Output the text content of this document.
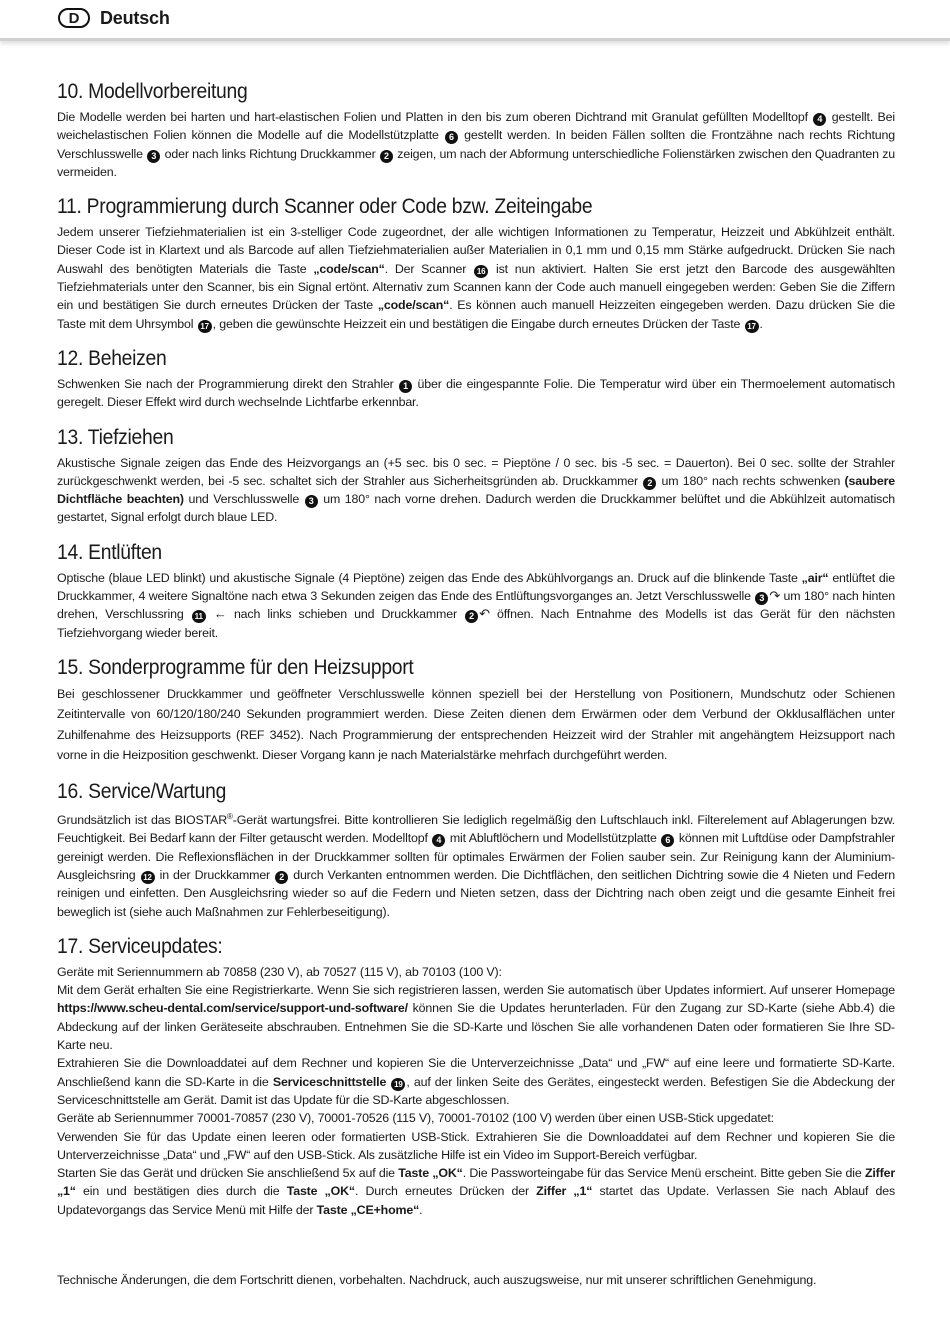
D	Deutsch
10. Modellvorbereitung

Die Modelle werden bei harten und hart-elastischen Folien und Platten in den bis zum oberen Dichtrand mit Granulat gefüllten Modelltopf 4 gestellt. Bei weichelastischen Folien können die Modelle auf die Modellstützplatte 6 gestellt werden. In beiden Fällen sollten die Frontzähne nach rechts Richtung Verschlusswelle 3 oder nach links Richtung Druckkammer 2 zeigen, um nach der Abformung unterschiedliche Folienstärken zwischen den Quadranten zu vermeiden.

11. Programmierung durch Scanner oder Code bzw. Zeiteingabe

Jedem unserer Tiefziehmaterialien ist ein 3-stelliger Code zugeordnet, der alle wichtigen Informationen zu Temperatur, Heizzeit und Abkühlzeit enthält. Dieser Code ist in Klartext und als Barcode auf allen Tiefziehmaterialien außer Materialien in 0,1 mm und 0,15 mm Stärke aufgedruckt. Drücken Sie nach Auswahl des benötigten Materials die Taste „code/scan“. Der Scanner 16 ist nun aktiviert. Halten Sie erst jetzt den Barcode des ausgewählten Tiefziehmaterials unter den Scanner, bis ein Signal ertönt. Alternativ zum Scannen kann der Code auch manuell eingegeben werden: Geben Sie die Ziffern ein und bestätigen Sie durch erneutes Drücken der Taste „code/scan“. Es können auch manuell Heizzeiten eingegeben werden. Dazu drücken Sie die Taste mit dem Uhrsymbol 17 , geben die gewünschte Heizzeit ein und bestätigen die Eingabe durch erneutes Drücken der Taste 17 .

12. Beheizen

Schwenken Sie nach der Programmierung direkt den Strahler 1 über die eingespannte Folie. Die Temperatur wird über ein Thermoelement automatisch geregelt. Dieser Effekt wird durch wechselnde Lichtfarbe erkennbar.

13. Tiefziehen

Akustische Signale zeigen das Ende des Heizvorgangs an (+5 sec. bis 0 sec. = Pieptöne / 0 sec. bis -5 sec. = Dauerton). Bei 0 sec. sollte der Strahler zurückgeschwenkt werden, bei -5 sec. schaltet sich der Strahler aus Sicherheitsgründen ab. Druckkammer 2 um 180° nach rechts schwenken (saubere Dichtfläche beachten) und Verschlusswelle 3 um 180° nach vorne drehen. Dadurch werden die Druckkammer belüftet und die Abkühlzeit automatisch gestartet, Signal erfolgt durch blaue LED.

14. Entlüften

Optische (blaue LED blinkt) und akustische Signale (4 Pieptöne) zeigen das Ende des Abkühlvorgangs an. Druck auf die blinkende Taste „air“ entlüftet die Druckkammer, 4 weitere Signaltöne nach etwa 3 Sekunden zeigen das Ende des Entlüftungsvorganges an. Jetzt Verschlusswelle 3 ↷ um 180° nach hinten drehen, Verschlussring 11 ← nach links schieben und Druckkammer 2 ↶ öffnen. Nach Entnahme des Modells ist das Gerät für den nächsten Tiefziehvorgang wieder bereit.

15. Sonderprogramme für den Heizsupport

Bei geschlossener Druckkammer und geöffneter Verschlusswelle können speziell bei der Herstellung von Positionern, Mundschutz oder Schienen Zeitintervalle von 60/120/180/240 Sekunden programmiert werden. Diese Zeiten dienen dem Erwärmen oder dem Verbund der Okklusalflächen unter Zuhilfenahme des Heizsupports (REF 3452). Nach Programmierung der entsprechenden Heizzeit wird der Strahler mit angehängtem Heizsupport nach vorne in die Heizposition geschwenkt. Dieser Vorgang kann je nach Materialstärke mehrfach durchgeführt werden.

16. Service/Wartung

Grundsätzlich ist das BIOSTAR®-Gerät wartungsfrei. Bitte kontrollieren Sie lediglich regelmäßig den Luftschlauch inkl. Filterelement auf Ablagerungen bzw. Feuchtigkeit. Bei Bedarf kann der Filter getauscht werden. Modelltopf 4 mit Abluftlöchern und Modellstützplatte 6 können mit Luftdüse oder Dampfstrahler gereinigt werden. Die Reflexionsflächen in der Druckkammer sollten für optimales Erwärmen der Folien sauber sein. Zur Reinigung kann der Aluminium-Ausgleichsring 12 in der Druckkammer 2 durch Verkanten entnommen werden. Die Dichtflächen, den seitlichen Dichtring sowie die 4 Nieten und Federn reinigen und einfetten. Den Ausgleichsring wieder so auf die Federn und Nieten setzen, dass der Dichtring nach oben zeigt und die gesamte Einheit frei beweglich ist (siehe auch Maßnahmen zur Fehlerbeseitigung).

17. Serviceupdates:

Geräte mit Seriennummern ab 70858 (230 V), ab 70527 (115 V), ab 70103 (100 V):

Mit dem Gerät erhalten Sie eine Registrierkarte. Wenn Sie sich registrieren lassen, werden Sie automatisch über Updates informiert. Auf unserer Homepage https://www.scheu-dental.com/service/support-und-software/ können Sie die Updates herunterladen. Für den Zugang zur SD-Karte (siehe Abb.4) die Abdeckung auf der linken Geräteseite abschrauben. Entnehmen Sie die SD-Karte und löschen Sie alle vorhandenen Daten oder formatieren Sie Ihre SD-Karte neu.

Extrahieren Sie die Downloaddatei auf dem Rechner und kopieren Sie die Unterverzeichnisse „Data“ und „FW“ auf eine leere und formatierte SD-Karte. Anschließend kann die SD-Karte in die Serviceschnittstelle 19 , auf der linken Seite des Gerätes, eingesteckt werden. Befestigen Sie die Abdeckung der Serviceschnittstelle am Gerät. Damit ist das Update für die SD-Karte abgeschlossen.

Geräte ab Seriennummer 70001-70857 (230 V), 70001-70526 (115 V), 70001-70102 (100 V) werden über einen USB-Stick upgedatet:

Verwenden Sie für das Update einen leeren oder formatierten USB-Stick. Extrahieren Sie die Downloaddatei auf dem Rechner und kopieren Sie die Unterverzeichnisse „Data“ und „FW“ auf den USB-Stick. Als zusätzliche Hilfe ist ein Video im Support-Bereich verfügbar.

Starten Sie das Gerät und drücken Sie anschließend 5x auf die Taste „OK“. Die Passworteingabe für das Service Menü erscheint. Bitte geben Sie die Ziffer „1“ ein und bestätigen dies durch die Taste „OK“. Durch erneutes Drücken der Ziffer „1“ startet das Update. Verlassen Sie nach Ablauf des Updatevorgangs das Service Menü mit Hilfe der Taste „CE+home“.

Technische Änderungen, die dem Fortschritt dienen, vorbehalten. Nachdruck, auch auszugsweise, nur mit unserer schriftlichen Genehmigung.
